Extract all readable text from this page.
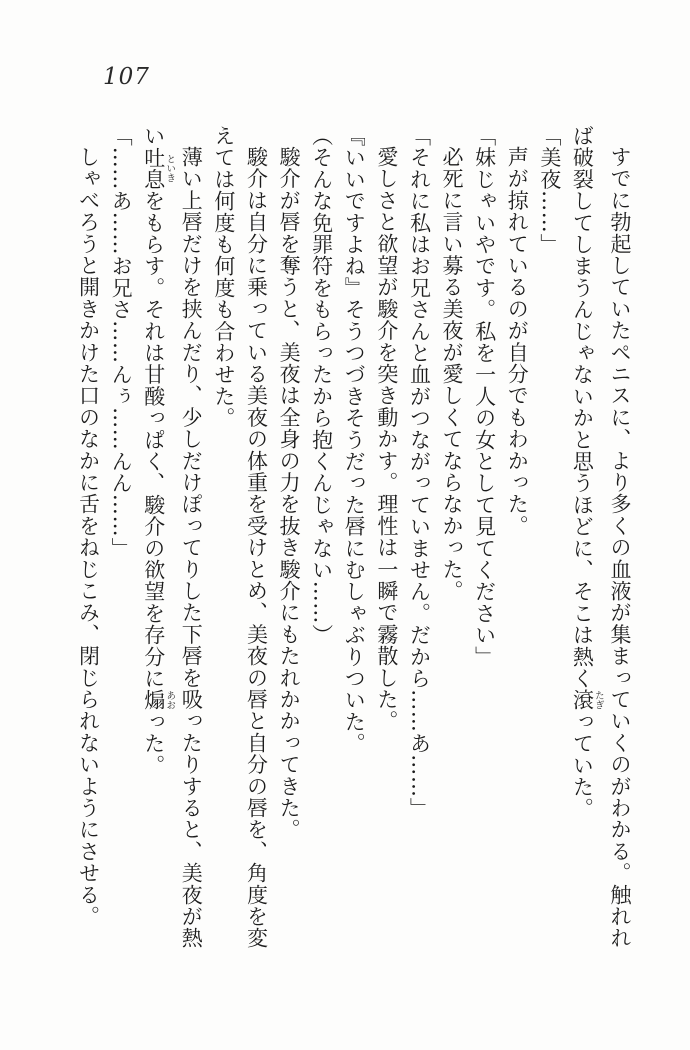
107

すでに勃起していたペニスに、より多くの血液が集まっていくのがわかる。触れれ

ば破裂してしまうんじゃないかと思うほどに、そこは熱く滾たぎっていた。

「美夜……」

声が掠れているのが自分でもわかった。

「妹じゃいやです。私を一人の女として見てください」

必死に言い募る美夜が愛しくてならなかった。

「それに私はお兄さんと血がつながっていません。だから……あ……」

愛しさと欲望が駿介を突き動かす。理性は一瞬で霧散した。

『いいですよね』そうつづきそうだった唇にむしゃぶりついた。

（そんな免罪符をもらったから抱くんじゃない……）

駿介が唇を奪うと、美夜は全身の力を抜き駿介にもたれかかってきた。

駿介は自分に乗っている美夜の体重を受けとめ、美夜の唇と自分の唇を、角度を変

えては何度も何度も合わせた。

薄い上唇だけを挟んだり、少しだけぽってりした下唇を吸ったりすると、美夜が熱

い吐息といきをもらす。それは甘酸っぱく、駿介の欲望を存分に煽あおった。

「……あ……お兄さ……んぅ……んん……」

しゃべろうと開きかけた口のなかに舌をねじこみ、閉じられないようにさせる。
